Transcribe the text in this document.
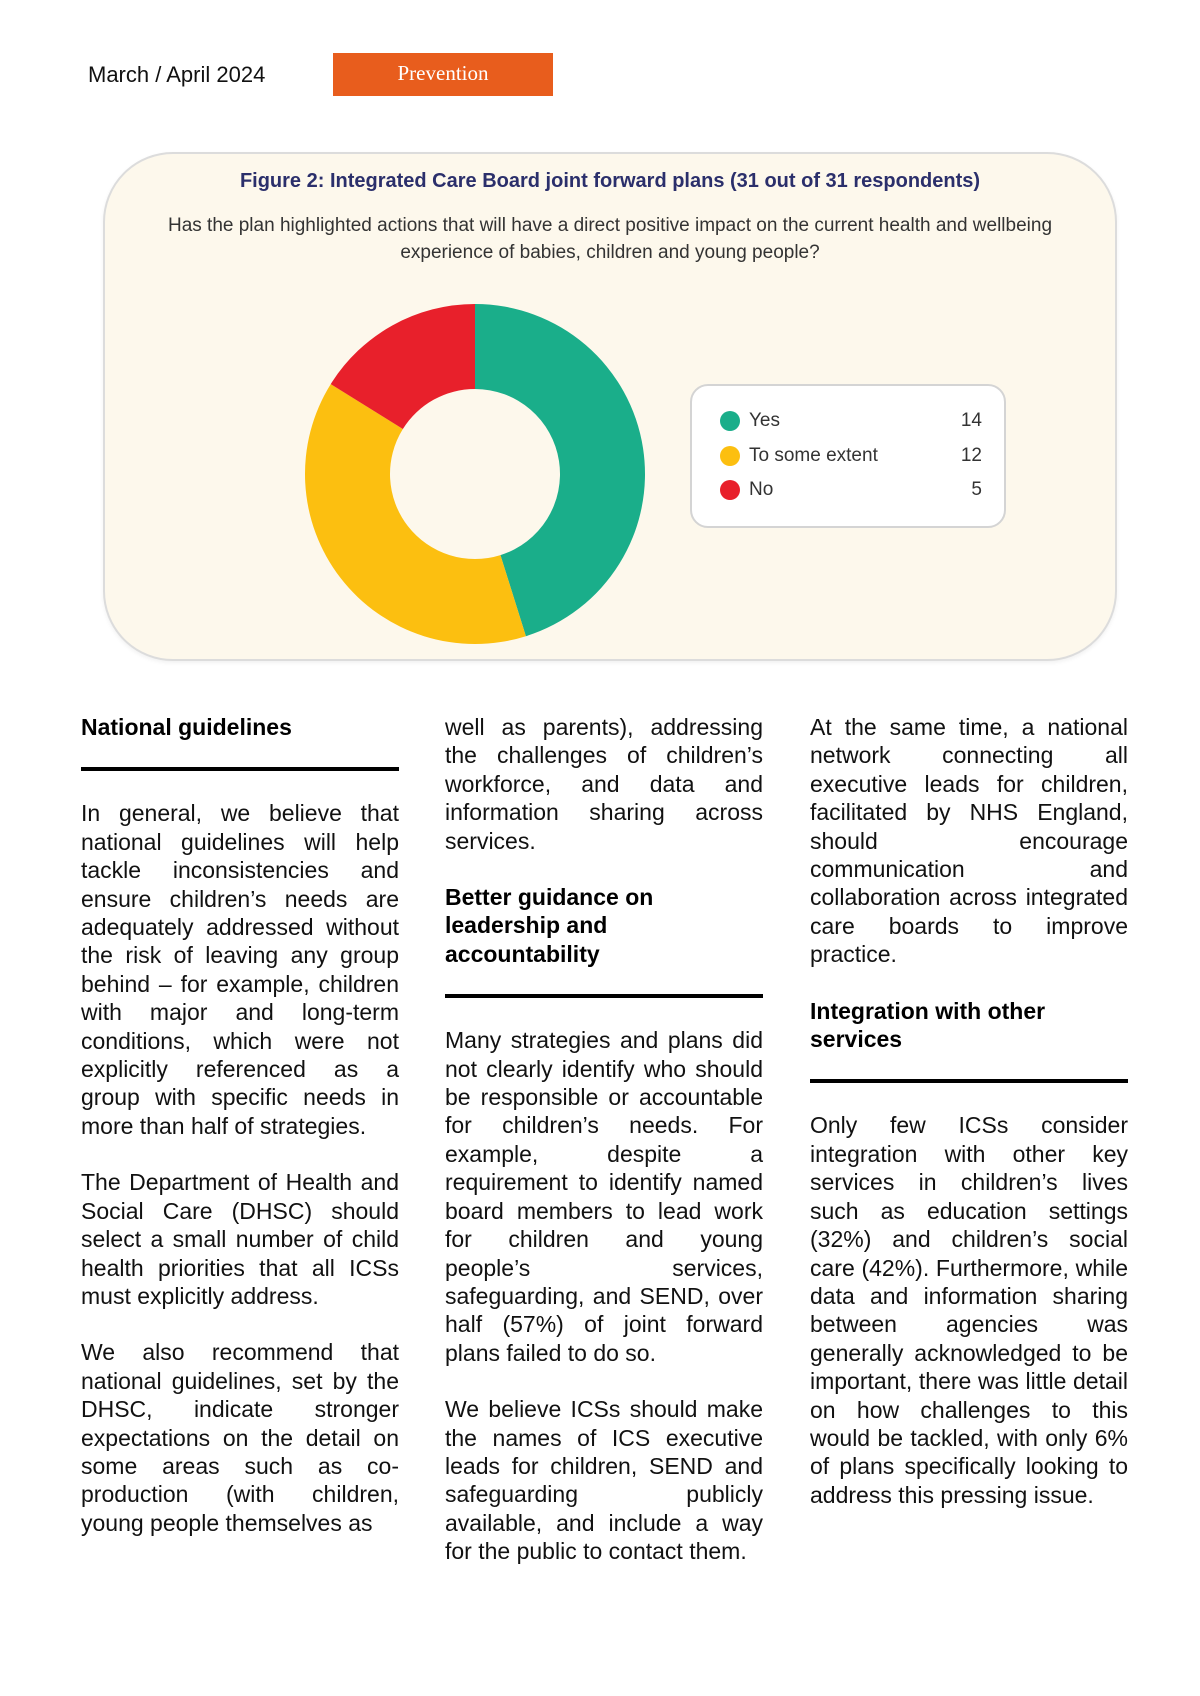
March / April 2024	Prevention
Figure 2: Integrated Care Board joint forward plans (31 out of 31 respondents)
Has the plan highlighted actions that will have a direct positive impact on the current health and wellbeing experience of babies, children and young people?
Yes	14
To some extent	12
No	5
National guidelines

In general, we believe that national guidelines will help tackle inconsistencies and ensure children’s needs are adequately addressed without the risk of leaving any group behind – for example, children with major and long-term conditions, which were not explicitly referenced as a group with specific needs in more than half of strategies.

The Department of Health and Social Care (DHSC) should select a small number of child health priorities that all ICSs must explicitly address.

We also recommend that national guidelines, set by the DHSC, indicate stronger expectations on the detail on some areas such as co-production (with children, young people themselves as

well as parents), addressing the challenges of children’s workforce, and data and information sharing across services.

Better guidance on leadership and accountability

Many strategies and plans did not clearly identify who should be responsible or accountable for children’s needs. For example, despite a requirement to identify named board members to lead work for children and young people’s services, safeguarding, and SEND, over half (57%) of joint forward plans failed to do so.

We believe ICSs should make the names of ICS executive leads for children, SEND and safeguarding publicly available, and include a way for the public to contact them.

At the same time, a national network connecting all executive leads for children, facilitated by NHS England, should encourage communication and collaboration across integrated care boards to improve practice.

Integration with other services

Only few ICSs consider integration with other key services in children’s lives such as education settings (32%) and children’s social care (42%). Furthermore, while data and information sharing between agencies was generally acknowledged to be important, there was little detail on how challenges to this would be tackled, with only 6% of plans specifically looking to address this pressing issue.
